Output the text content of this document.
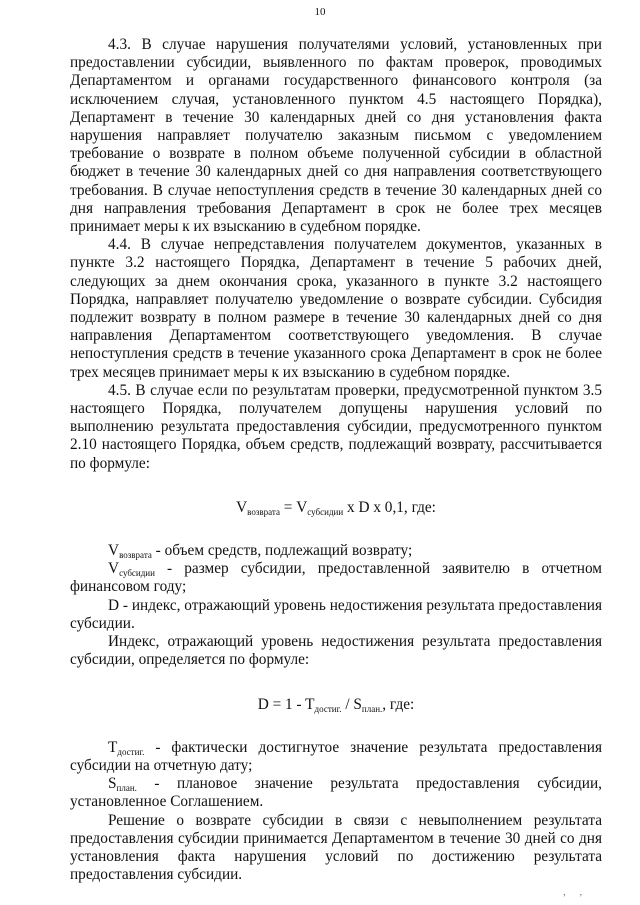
10

4.3. В случае нарушения получателями условий, установленных при предоставлении субсидии, выявленного по фактам проверок, проводимых Департаментом и органами государственного финансового контроля (за исключением случая, установленного пунктом 4.5 настоящего Порядка), Департамент в течение 30 календарных дней со дня установления факта нарушения направляет получателю заказным письмом с уведомлением требование о возврате в полном объеме полученной субсидии в областной бюджет в течение 30 календарных дней со дня направления соответствующего требования. В случае непоступления средств в течение 30 календарных дней со дня направления требования Департамент в срок не более трех месяцев принимает меры к их взысканию в судебном порядке.

4.4. В случае непредставления получателем документов, указанных в пункте 3.2 настоящего Порядка, Департамент в течение 5 рабочих дней, следующих за днем окончания срока, указанного в пункте 3.2 настоящего Порядка, направляет получателю уведомление о возврате субсидии. Субсидия подлежит возврату в полном размере в течение 30 календарных дней со дня направления Департаментом соответствующего уведомления. В случае непоступления средств в течение указанного срока Департамент в срок не более трех месяцев принимает меры к их взысканию в судебном порядке.

4.5. В случае если по результатам проверки, предусмотренной пунктом 3.5 настоящего Порядка, получателем допущены нарушения условий по выполнению результата предоставления субсидии, предусмотренного пунктом 2.10 настоящего Порядка, объем средств, подлежащий возврату, рассчитывается по формуле:

$V_{возврата} = V_{субсидии}$ x D x 0,1, где:

$V_{возврата}$ - объем средств, подлежащий возврату;

$V_{субсидии}$ - размер субсидии, предоставленной заявителю в отчетном финансовом году;

D - индекс, отражающий уровень недостижения результата предоставления субсидии.

Индекс, отражающий уровень недостижения результата предоставления субсидии, определяется по формуле:

$D = 1 - T_{достиг.} / S_{план.}$, где:

$T_{достиг.}$ - фактически достигнутое значение результата предоставления субсидии на отчетную дату;

$S_{план.}$ - плановое значение результата предоставления субсидии, установленное Соглашением.

Решение о возврате субсидии в связи с невыполнением результата предоставления субсидии принимается Департаментом в течение 30 дней со дня установления факта нарушения условий по достижению результата предоставления субсидии.

, ,
